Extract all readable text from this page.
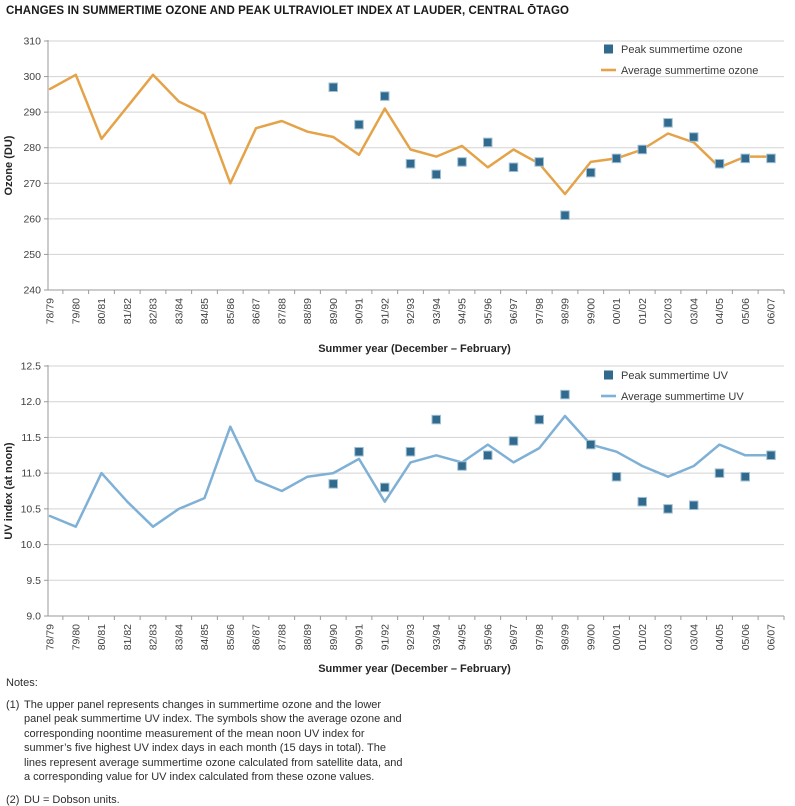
CHANGES IN SUMMERTIME OZONE AND PEAK ULTRAVIOLET INDEX AT LAUDER, CENTRAL ŌTAGO
310
300
290
280
270
260
250
240
78/79 79/80 80/81 81/82 82/83 83/84 84/85 85/86 86/87 87/88 88/89 89/90 90/91 91/92 92/93 93/94 94/95 95/96 96/97 97/98 98/99 99/00 00/01 01/02 02/03 03/04 04/05 05/06 06/07
Ozone (DU)
Summer year (December – February)
Peak summertime ozone
Average summertime ozone
12.5
12.0
11.5
11.0
10.5
10.0
9.5
9.0
78/79 79/80 80/81 81/82 82/83 83/84 84/85 85/86 86/87 87/88 88/89 89/90 90/91 91/92 92/93 93/94 94/95 95/96 96/97 97/98 98/99 99/00 00/01 01/02 02/03 03/04 04/05 05/06 06/07
UV index (at noon)
Summer year (December – February)
Peak summertime UV
Average summertime UV

Notes:

(1) The upper panel represents changes in summertime ozone and the lower panel peak summertime UV index. The symbols show the average ozone and corresponding noontime measurement of the mean noon UV index for summer’s five highest UV index days in each month (15 days in total). The lines represent average summertime ozone calculated from satellite data, and a corresponding value for UV index calculated from these ozone values.
(2) DU = Dobson units.
